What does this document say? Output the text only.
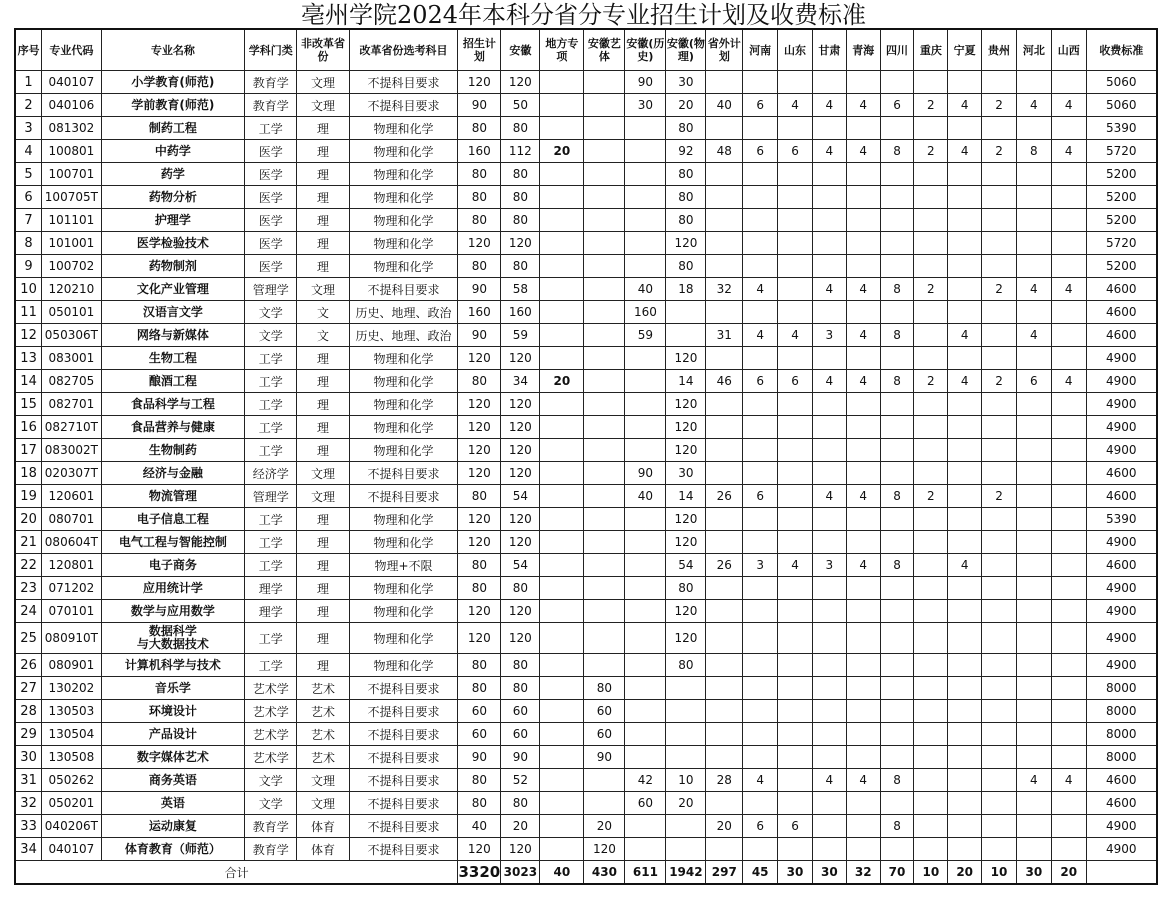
亳州学院2024年本科分省分专业招生计划及收费标准
序号	专业代码	专业名称	学科门类	非改革省份	改革省份选考科目	招生计划	安徽	地方专项	安徽艺体	安徽(历史)	安徽(物理)	省外计划	河南	山东	甘肃	青海	四川	重庆	宁夏	贵州	河北	山西	收费标准
1	040107	小学教育(师范)	教育学	文理	不提科目要求	120	120			90	30												5060
2	040106	学前教育(师范)	教育学	文理	不提科目要求	90	50			30	20	40	6	4	4	4	6	2	4	2	4	4	5060
3	081302	制药工程	工学	理	物理和化学	80	80				80												5390
4	100801	中药学	医学	理	物理和化学	160	112	20			92	48	6	6	4	4	8	2	4	2	8	4	5720
5	100701	药学	医学	理	物理和化学	80	80				80												5200
6	100705T	药物分析	医学	理	物理和化学	80	80				80												5200
7	101101	护理学	医学	理	物理和化学	80	80				80												5200
8	101001	医学检验技术	医学	理	物理和化学	120	120				120												5720
9	100702	药物制剂	医学	理	物理和化学	80	80				80												5200
10	120210	文化产业管理	管理学	文理	不提科目要求	90	58			40	18	32	4		4	4	8	2		2	4	4	4600
11	050101	汉语言文学	文学	文	历史、地理、政治	160	160			160													4600
12	050306T	网络与新媒体	文学	文	历史、地理、政治	90	59			59		31	4	4	3	4	8		4		4		4600
13	083001	生物工程	工学	理	物理和化学	120	120				120												4900
14	082705	酿酒工程	工学	理	物理和化学	80	34	20			14	46	6	6	4	4	8	2	4	2	6	4	4900
15	082701	食品科学与工程	工学	理	物理和化学	120	120				120												4900
16	082710T	食品营养与健康	工学	理	物理和化学	120	120				120												4900
17	083002T	生物制药	工学	理	物理和化学	120	120				120												4900
18	020307T	经济与金融	经济学	文理	不提科目要求	120	120			90	30												4600
19	120601	物流管理	管理学	文理	不提科目要求	80	54			40	14	26	6		4	4	8	2		2			4600
20	080701	电子信息工程	工学	理	物理和化学	120	120				120												5390
21	080604T	电气工程与智能控制	工学	理	物理和化学	120	120				120												4900
22	120801	电子商务	工学	理	物理+不限	80	54				54	26	3	4	3	4	8		4				4600
23	071202	应用统计学	理学	理	物理和化学	80	80				80												4900
24	070101	数学与应用数学	理学	理	物理和化学	120	120				120												4900
25	080910T	数据科学
与大数据技术	工学	理	物理和化学	120	120				120												4900
26	080901	计算机科学与技术	工学	理	物理和化学	80	80				80												4900
27	130202	音乐学	艺术学	艺术	不提科目要求	80	80		80														8000
28	130503	环境设计	艺术学	艺术	不提科目要求	60	60		60														8000
29	130504	产品设计	艺术学	艺术	不提科目要求	60	60		60														8000
30	130508	数字媒体艺术	艺术学	艺术	不提科目要求	90	90		90														8000
31	050262	商务英语	文学	文理	不提科目要求	80	52			42	10	28	4		4	4	8				4	4	4600
32	050201	英语	文学	文理	不提科目要求	80	80			60	20												4600
33	040206T	运动康复	教育学	体育	不提科目要求	40	20		20			20	6	6			8						4900
34	040107	体育教育（师范）	教育学	体育	不提科目要求	120	120		120														4900
合计						3320	3023	40	430	611	1942	297	45	30	30	32	70	10	20	10	30	20	
